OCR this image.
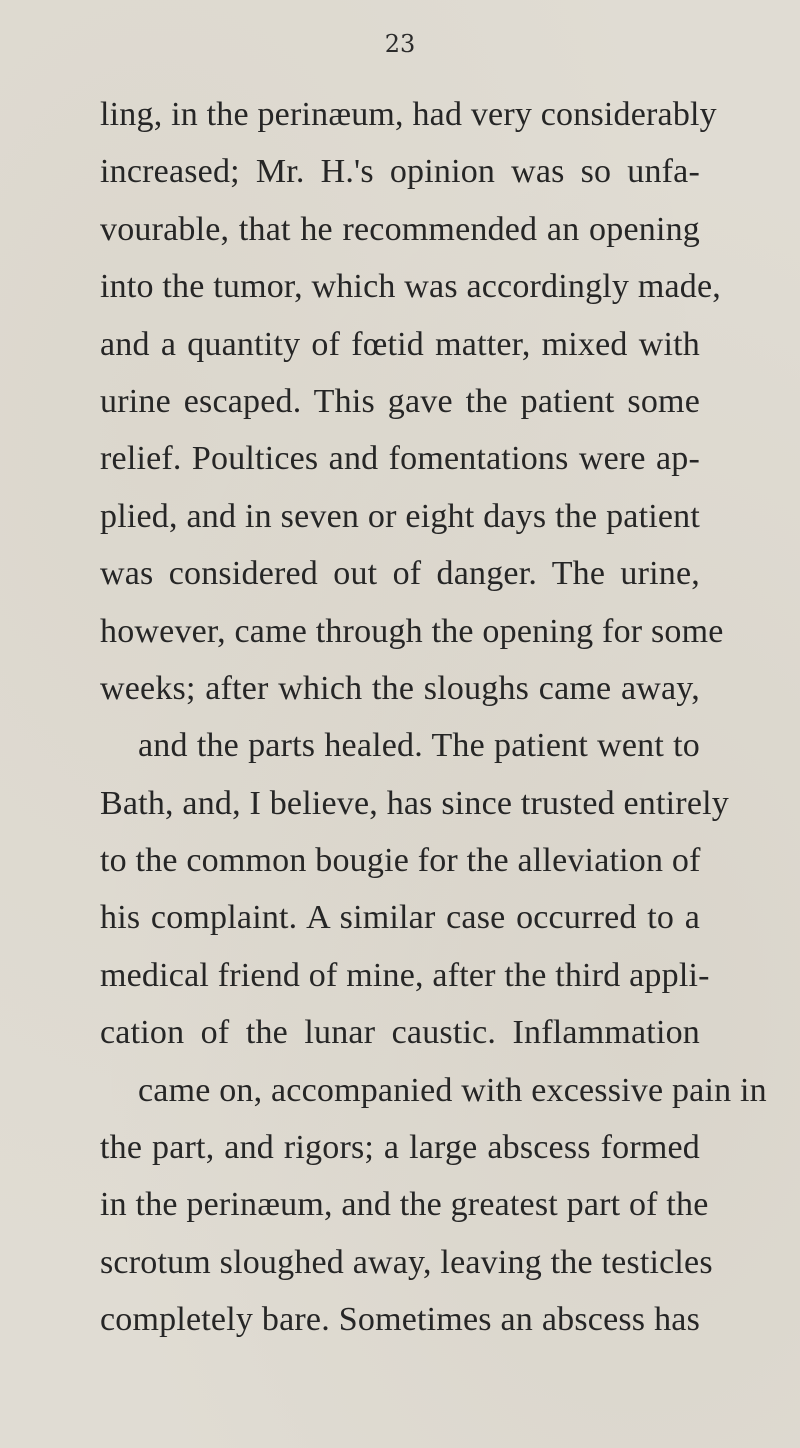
23
ling, in the perinæum, had very considerably
increased; Mr. H.'s opinion was so unfa-
vourable, that he recommended an opening
into the tumor, which was accordingly made,
and a quantity of fœtid matter, mixed with
urine escaped. This gave the patient some
relief. Poultices and fomentations were ap-
plied, and in seven or eight days the patient
was considered out of danger. The urine,
however, came through the opening for some
weeks; after which the sloughs came away,
and the parts healed. The patient went to
Bath, and, I believe, has since trusted entirely
to the common bougie for the alleviation of
his complaint. A similar case occurred to a
medical friend of mine, after the third appli-
cation of the lunar caustic. Inflammation
came on, accompanied with excessive pain in
the part, and rigors; a large abscess formed
in the perinæum, and the greatest part of the
scrotum sloughed away, leaving the testicles
completely bare. Sometimes an abscess has
